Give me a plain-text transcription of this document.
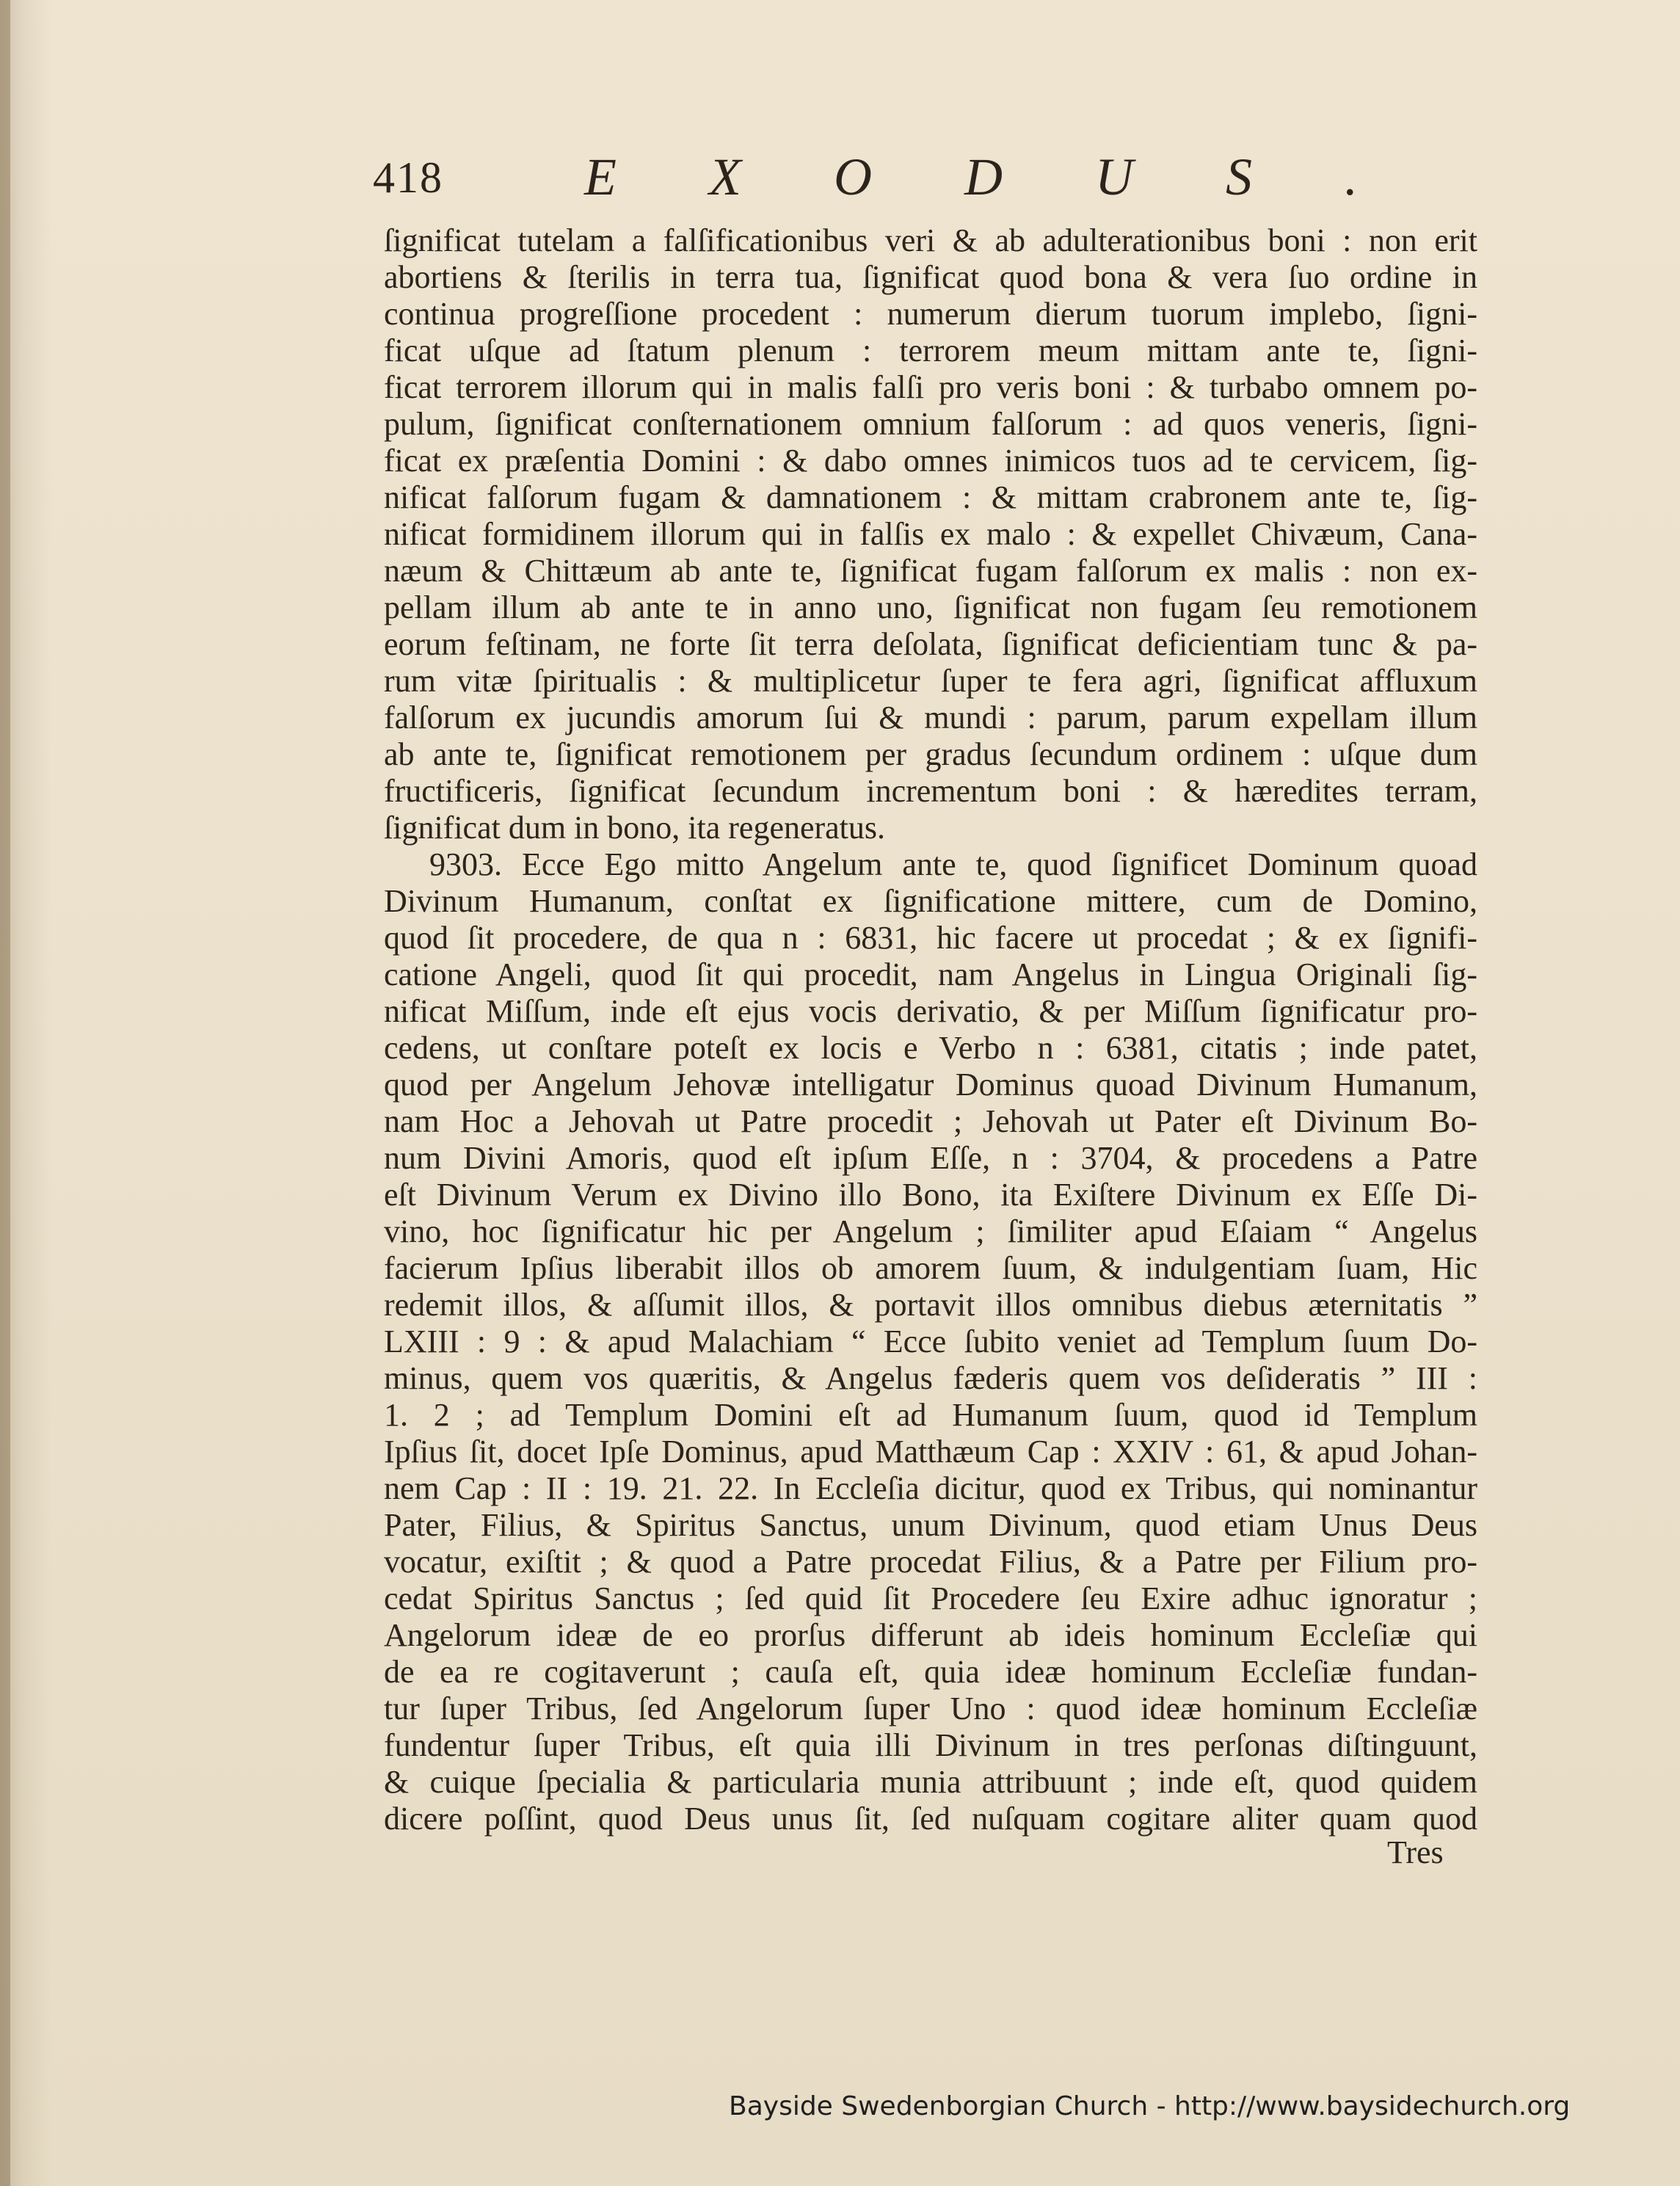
418	EXODUS.
ſignificat tutelam a falſificationibus veri & ab adulterationibus boni : non erit
abortiens & ſterilis in terra tua, ſignificat quod bona & vera ſuo ordine in
continua progreſſione procedent : numerum dierum tuorum implebo, ſigni-
ficat uſque ad ſtatum plenum : terrorem meum mittam ante te, ſigni-
ficat terrorem illorum qui in malis falſi pro veris boni : & turbabo omnem po-
pulum, ſignificat conſternationem omnium falſorum : ad quos veneris, ſigni-
ficat ex præſentia Domini : & dabo omnes inimicos tuos ad te cervicem, ſig-
nificat falſorum fugam & damnationem : & mittam crabronem ante te, ſig-
nificat formidinem illorum qui in falſis ex malo : & expellet Chivæum, Cana-
næum & Chittæum ab ante te, ſignificat fugam falſorum ex malis : non ex-
pellam illum ab ante te in anno uno, ſignificat non fugam ſeu remotionem
eorum feſtinam, ne forte ſit terra deſolata, ſignificat deficientiam tunc & pa-
rum vitæ ſpiritualis : & multiplicetur ſuper te fera agri, ſignificat affluxum
falſorum ex jucundis amorum ſui & mundi : parum, parum expellam illum
ab ante te, ſignificat remotionem per gradus ſecundum ordinem : uſque dum
fructificeris, ſignificat ſecundum incrementum boni : & hæredites terram,
ſignificat dum in bono, ita regeneratus.
9303. Ecce Ego mitto Angelum ante te, quod ſignificet Dominum quoad
Divinum Humanum, conſtat ex ſignificatione mittere, cum de Domino,
quod ſit procedere, de qua n : 6831, hic facere ut procedat ; & ex ſignifi-
catione Angeli, quod ſit qui procedit, nam Angelus in Lingua Originali ſig-
nificat Miſſum, inde eſt ejus vocis derivatio, & per Miſſum ſignificatur pro-
cedens, ut conſtare poteſt ex locis e Verbo n : 6381, citatis ; inde patet,
quod per Angelum Jehovæ intelligatur Dominus quoad Divinum Humanum,
nam Hoc a Jehovah ut Patre procedit ; Jehovah ut Pater eſt Divinum Bo-
num Divini Amoris, quod eſt ipſum Eſſe, n : 3704, & procedens a Patre
eſt Divinum Verum ex Divino illo Bono, ita Exiſtere Divinum ex Eſſe Di-
vino, hoc ſignificatur hic per Angelum ; ſimiliter apud Eſaiam “ Angelus
facierum Ipſius liberabit illos ob amorem ſuum, & indulgentiam ſuam, Hic
redemit illos, & aſſumit illos, & portavit illos omnibus diebus æternitatis ”
LXIII : 9 : & apud Malachiam “ Ecce ſubito veniet ad Templum ſuum Do-
minus, quem vos quæritis, & Angelus fæderis quem vos deſideratis ” III :
1. 2 ; ad Templum Domini eſt ad Humanum ſuum, quod id Templum
Ipſius ſit, docet Ipſe Dominus, apud Matthæum Cap : XXIV : 61, & apud Johan-
nem Cap : II : 19. 21. 22. In Eccleſia dicitur, quod ex Tribus, qui nominantur
Pater, Filius, & Spiritus Sanctus, unum Divinum, quod etiam Unus Deus
vocatur, exiſtit ; & quod a Patre procedat Filius, & a Patre per Filium pro-
cedat Spiritus Sanctus ; ſed quid ſit Procedere ſeu Exire adhuc ignoratur ;
Angelorum ideæ de eo prorſus differunt ab ideis hominum Eccleſiæ qui
de ea re cogitaverunt ; cauſa eſt, quia ideæ hominum Eccleſiæ fundan-
tur ſuper Tribus, ſed Angelorum ſuper Uno : quod ideæ hominum Eccleſiæ
fundentur ſuper Tribus, eſt quia illi Divinum in tres perſonas diſtinguunt,
& cuique ſpecialia & particularia munia attribuunt ; inde eſt, quod quidem
dicere poſſint, quod Deus unus ſit, ſed nuſquam cogitare aliter quam quod
Tres
Bayside Swedenborgian Church - http://www.baysidechurch.org
